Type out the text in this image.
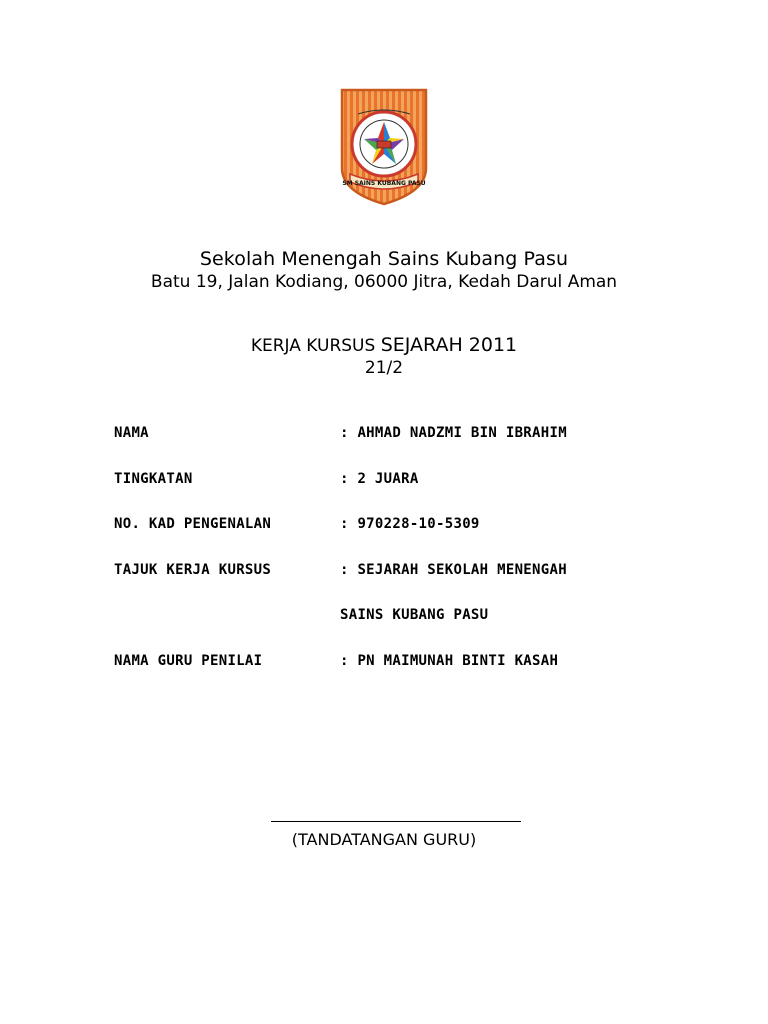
SM SAINS KUBANG PASU
Sekolah Menengah Sains Kubang Pasu
Batu 19, Jalan Kodiang, 06000 Jitra, Kedah Darul Aman
KERJA KURSUS SEJARAH 2011
21/2
NAMA	: AHMAD NADZMI BIN IBRAHIM
TINGKATAN	: 2 JUARA
NO. KAD PENGENALAN	: 970228-10-5309
TAJUK KERJA KURSUS	: SEJARAH SEKOLAH MENENGAH
SAINS KUBANG PASU
NAMA GURU PENILAI	: PN MAIMUNAH BINTI KASAH
(TANDATANGAN GURU)
